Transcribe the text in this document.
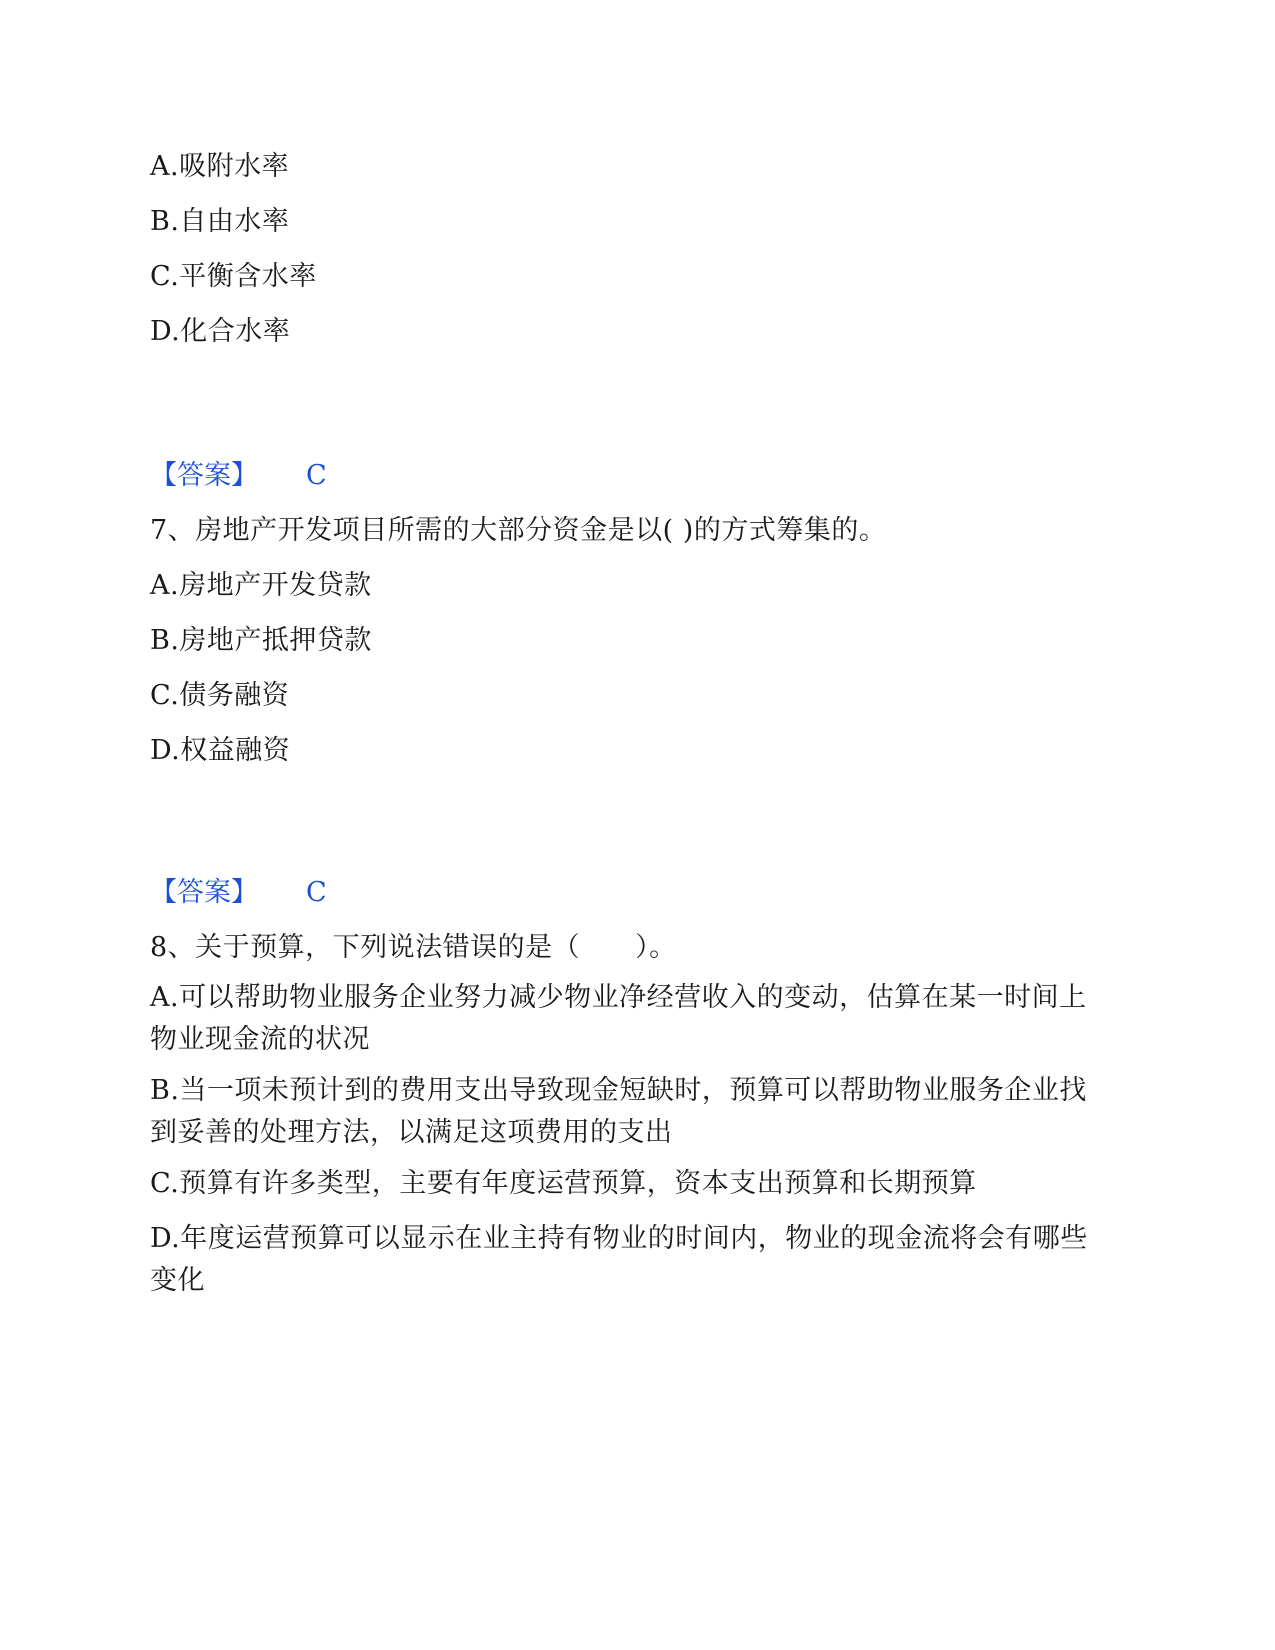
A.吸附水率
B.自由水率
C.平衡含水率
D.化合水率
【答案】 C
7、房地产开发项目所需的大部分资金是以( )的方式筹集的。
A.房地产开发贷款
B.房地产抵押贷款
C.债务融资
D.权益融资
【答案】 C
8、关于预算，下列说法错误的是（　　）。
A.可以帮助物业服务企业努力减少物业净经营收入的变动，估算在某一时间上物业现金流的状况
B.当一项未预计到的费用支出导致现金短缺时，预算可以帮助物业服务企业找到妥善的处理方法，以满足这项费用的支出
C.预算有许多类型，主要有年度运营预算，资本支出预算和长期预算
D.年度运营预算可以显示在业主持有物业的时间内，物业的现金流将会有哪些变化
